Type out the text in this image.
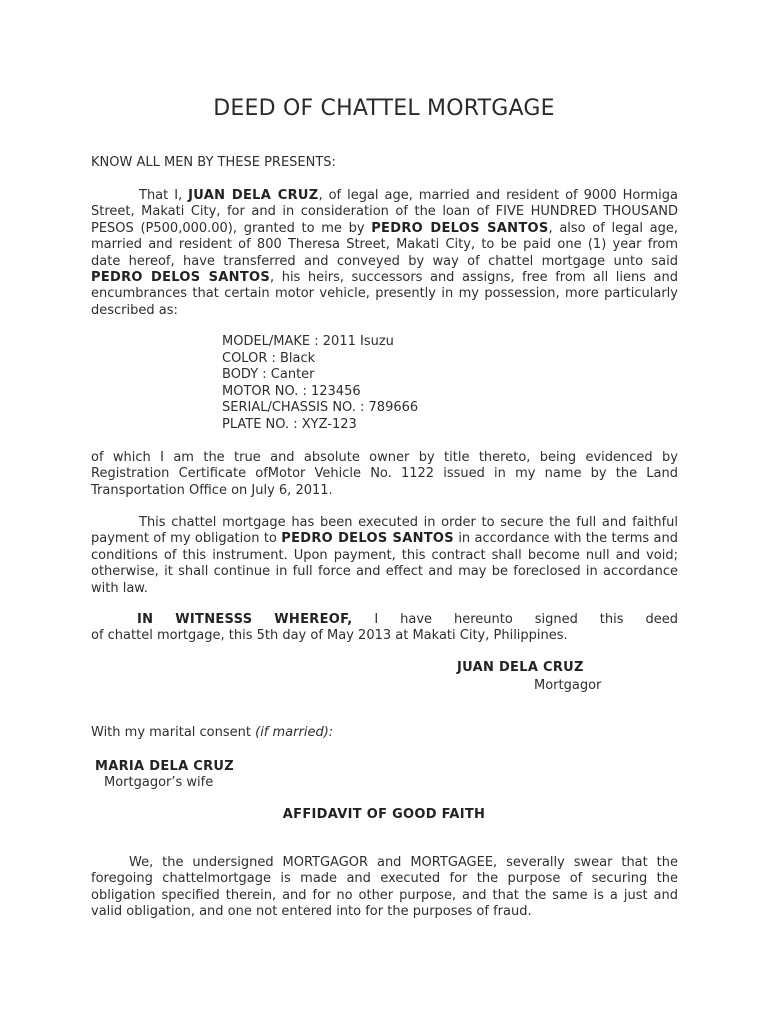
DEED OF CHATTEL MORTGAGE
KNOW ALL MEN BY THESE PRESENTS:
That I, JUAN DELA CRUZ, of legal age, married and resident of 9000 Hormiga Street, Makati City, for and in consideration of the loan of FIVE HUNDRED THOUSAND PESOS (P500,000.00), granted to me by PEDRO DELOS SANTOS, also of legal age, married and resident of 800 Theresa Street, Makati City, to be paid one (1) year from date hereof, have transferred and conveyed by way of chattel mortgage unto said PEDRO DELOS SANTOS, his heirs, successors and assigns, free from all liens and encumbrances that certain motor vehicle, presently in my possession, more particularly described as:
MODEL/MAKE : 2011 Isuzu
COLOR : Black
BODY : Canter
MOTOR NO. : 123456
SERIAL/CHASSIS NO. : 789666
PLATE NO. : XYZ-123
of which I am the true and absolute owner by title thereto, being evidenced by Registration Certificate ofMotor Vehicle No. 1122 issued in my name by the Land Transportation Office on July 6, 2011.
This chattel mortgage has been executed in order to secure the full and faithful payment of my obligation to PEDRO DELOS SANTOS in accordance with the terms and conditions of this instrument. Upon payment, this contract shall become null and void; otherwise, it shall continue in full force and effect and may be foreclosed in accordance with law.
IN WITNESSS WHEREOF, I have hereunto signed this deed
of chattel mortgage, this 5th day of May 2013 at Makati City, Philippines.
JUAN DELA CRUZ
Mortgagor
With my marital consent (if married):
MARIA DELA CRUZ
Mortgagor’s wife
AFFIDAVIT OF GOOD FAITH
We, the undersigned MORTGAGOR and MORTGAGEE, severally swear that the foregoing chattelmortgage is made and executed for the purpose of securing the obligation specified therein, and for no other purpose, and that the same is a just and valid obligation, and one not entered into for the purposes of fraud.
